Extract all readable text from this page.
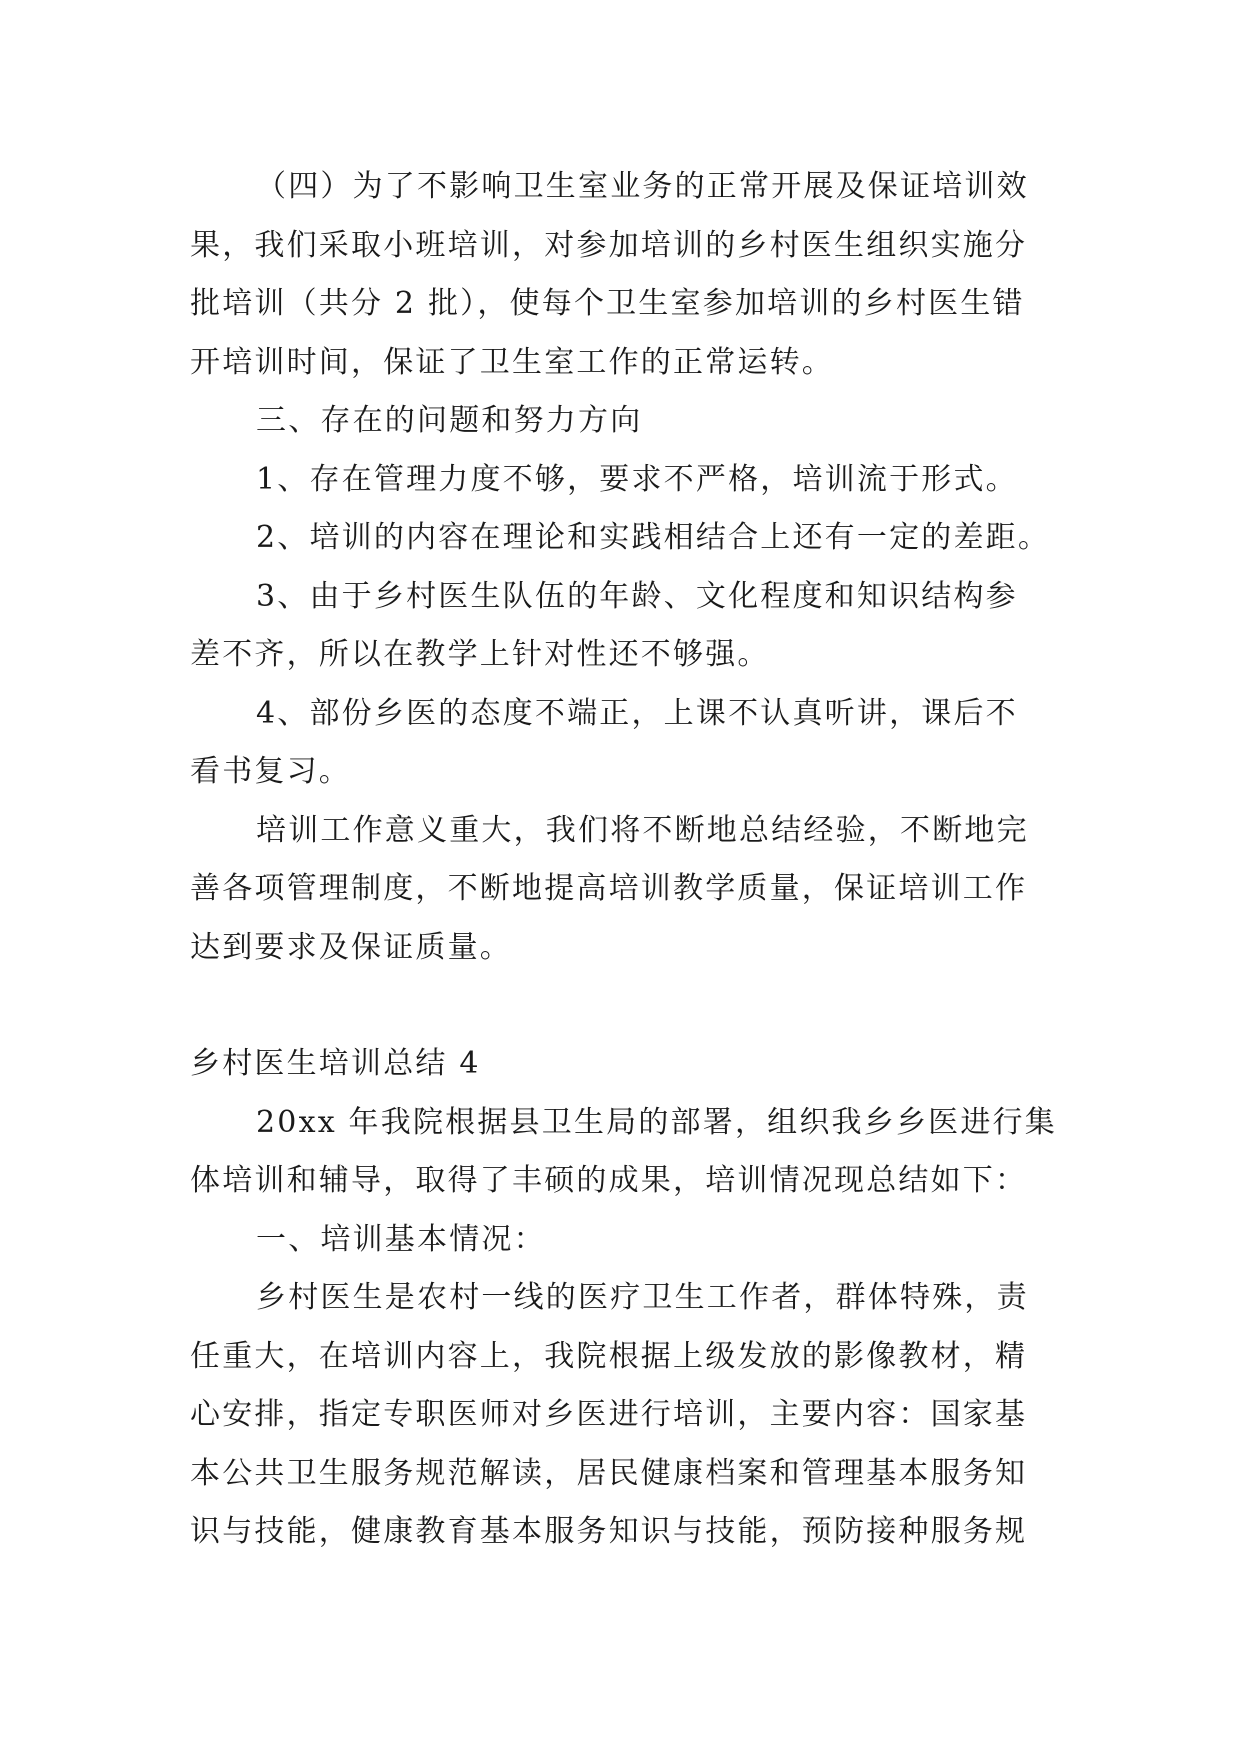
（四）为了不影响卫生室业务的正常开展及保证培训效
果，我们采取小班培训，对参加培训的乡村医生组织实施分
批培训（共分 2 批），使每个卫生室参加培训的乡村医生错
开培训时间，保证了卫生室工作的正常运转。
三、存在的问题和努力方向
1、存在管理力度不够，要求不严格，培训流于形式。
2、培训的内容在理论和实践相结合上还有一定的差距。
3、由于乡村医生队伍的年龄、文化程度和知识结构参
差不齐，所以在教学上针对性还不够强。
4、部份乡医的态度不端正，上课不认真听讲，课后不
看书复习。
培训工作意义重大，我们将不断地总结经验，不断地完
善各项管理制度，不断地提高培训教学质量，保证培训工作
达到要求及保证质量。
乡村医生培训总结 4
20xx 年我院根据县卫生局的部署，组织我乡乡医进行集
体培训和辅导，取得了丰硕的成果，培训情况现总结如下：
一、培训基本情况：
乡村医生是农村一线的医疗卫生工作者，群体特殊，责
任重大，在培训内容上，我院根据上级发放的影像教材，精
心安排，指定专职医师对乡医进行培训，主要内容：国家基
本公共卫生服务规范解读，居民健康档案和管理基本服务知
识与技能，健康教育基本服务知识与技能，预防接种服务规
